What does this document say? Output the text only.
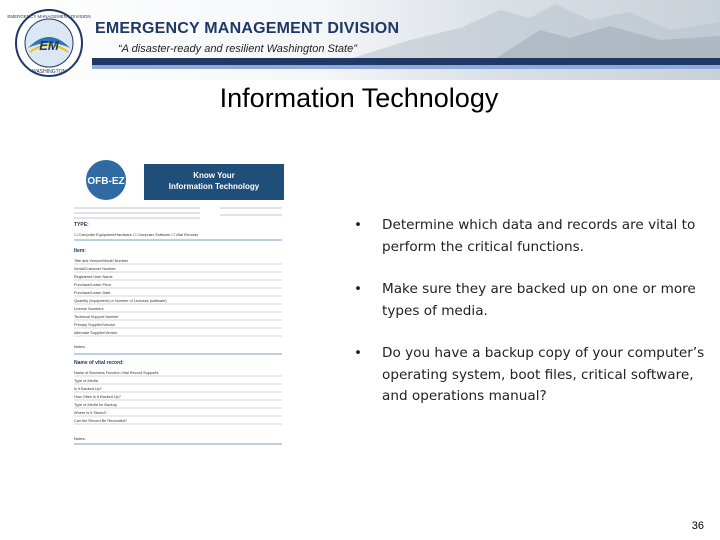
EM
EMERGENCY MANAGEMENT DIVISION
WASHINGTON
EMERGENCY MANAGEMENT DIVISION
“A disaster-ready and resilient Washington State”
Information Technology
OFB-EZ
Know Your
Information Technology
TYPE:
☐ Computer Equipment/Hardware ☐ Computer Software ☐ Vital Records
Item:
Title and Version/Model Number
Serial/Customer Number
Registered User Name
Purchase/Lease Price
Purchase/Lease Date
Quantity (equipment) or Number of Licenses (software)
License Numbers
Technical Support Number
Primary Supplier/Vendor
Alternate Supplier/Vendor
Notes:
Name of vital record:
Name of Business Function Vital Record Supports
Type of Media
Is It Backed Up?
How Often Is It Backed Up?
Type of Media for Backup
Where Is It Stored?
Can the Record Be Recreated?
Notes:
• Determine which data and records are vital to perform the critical functions.
• Make sure they are backed up on one or more types of media.
• Do you have a backup copy of your computer’s operating system, boot files, critical software, and operations manual?
36
